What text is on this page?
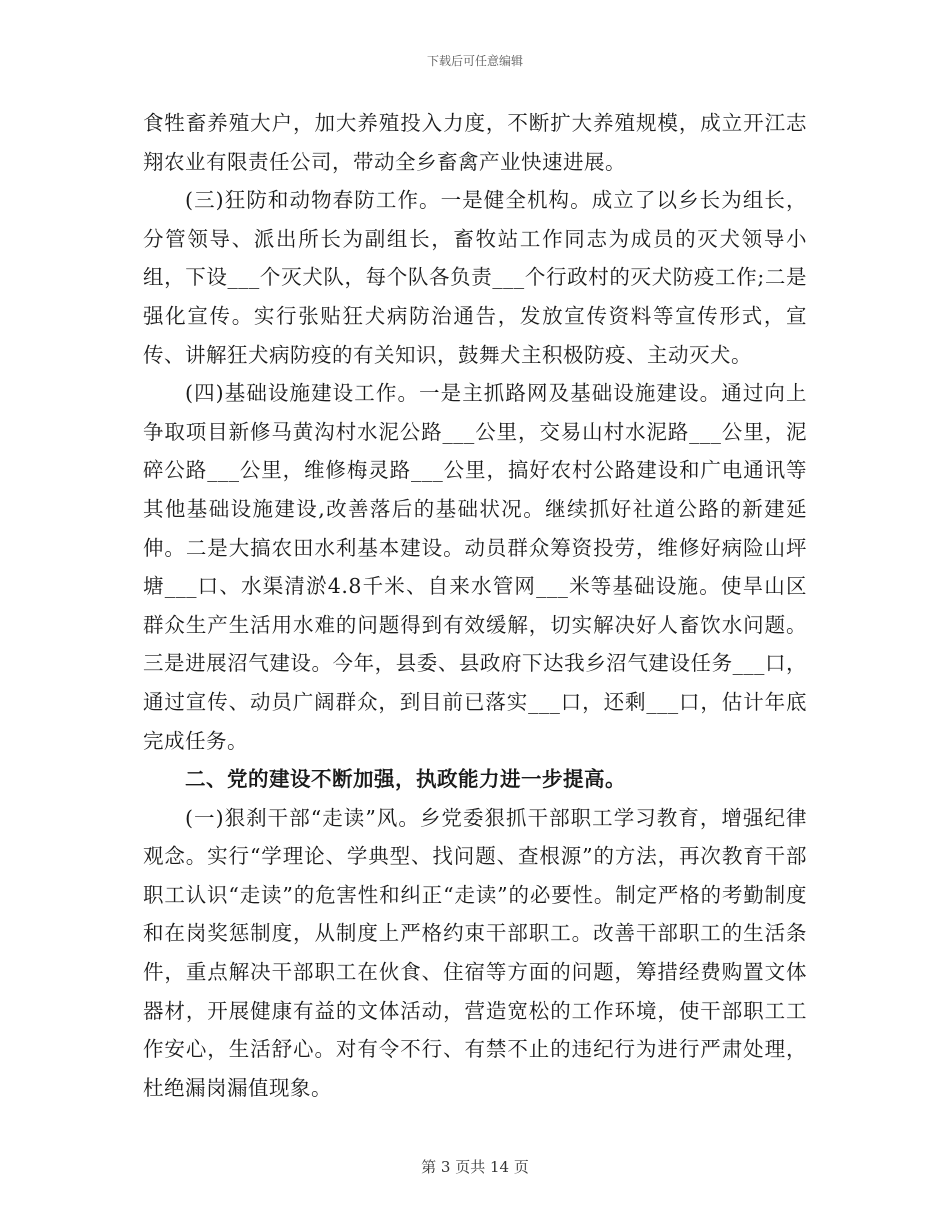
下载后可任意编辑

食牲畜养殖大户，加大养殖投入力度，不断扩大养殖规模，成立开江志翔农业有限责任公司，带动全乡畜禽产业快速进展。

(三)狂防和动物春防工作。一是健全机构。成立了以乡长为组长，分管领导、派出所长为副组长，畜牧站工作同志为成员的灭犬领导小组，下设___个灭犬队，每个队各负责___个行政村的灭犬防疫工作;二是强化宣传。实行张贴狂犬病防治通告，发放宣传资料等宣传形式，宣传、讲解狂犬病防疫的有关知识，鼓舞犬主积极防疫、主动灭犬。

(四)基础设施建设工作。一是主抓路网及基础设施建设。通过向上争取项目新修马黄沟村水泥公路___公里，交易山村水泥路___公里，泥碎公路___公里，维修梅灵路___公里，搞好农村公路建设和广电通讯等其他基础设施建设,改善落后的基础状况。继续抓好社道公路的新建延伸。二是大搞农田水利基本建设。动员群众筹资投劳，维修好病险山坪塘___口、水渠清淤4.8千米、自来水管网___米等基础设施。使旱山区群众生产生活用水难的问题得到有效缓解，切实解决好人畜饮水问题。三是进展沼气建设。今年，县委、县政府下达我乡沼气建设任务___口，通过宣传、动员广阔群众，到目前已落实___口，还剩___口，估计年底完成任务。

二、党的建设不断加强，执政能力进一步提高。

(一)狠刹干部“走读”风。乡党委狠抓干部职工学习教育，增强纪律观念。实行“学理论、学典型、找问题、查根源”的方法，再次教育干部职工认识“走读”的危害性和纠正“走读”的必要性。制定严格的考勤制度和在岗奖惩制度，从制度上严格约束干部职工。改善干部职工的生活条件，重点解决干部职工在伙食、住宿等方面的问题，筹措经费购置文体器材，开展健康有益的文体活动，营造宽松的工作环境，使干部职工工作安心，生活舒心。对有令不行、有禁不止的违纪行为进行严肃处理，杜绝漏岗漏值现象。

第 3 页共 14 页
